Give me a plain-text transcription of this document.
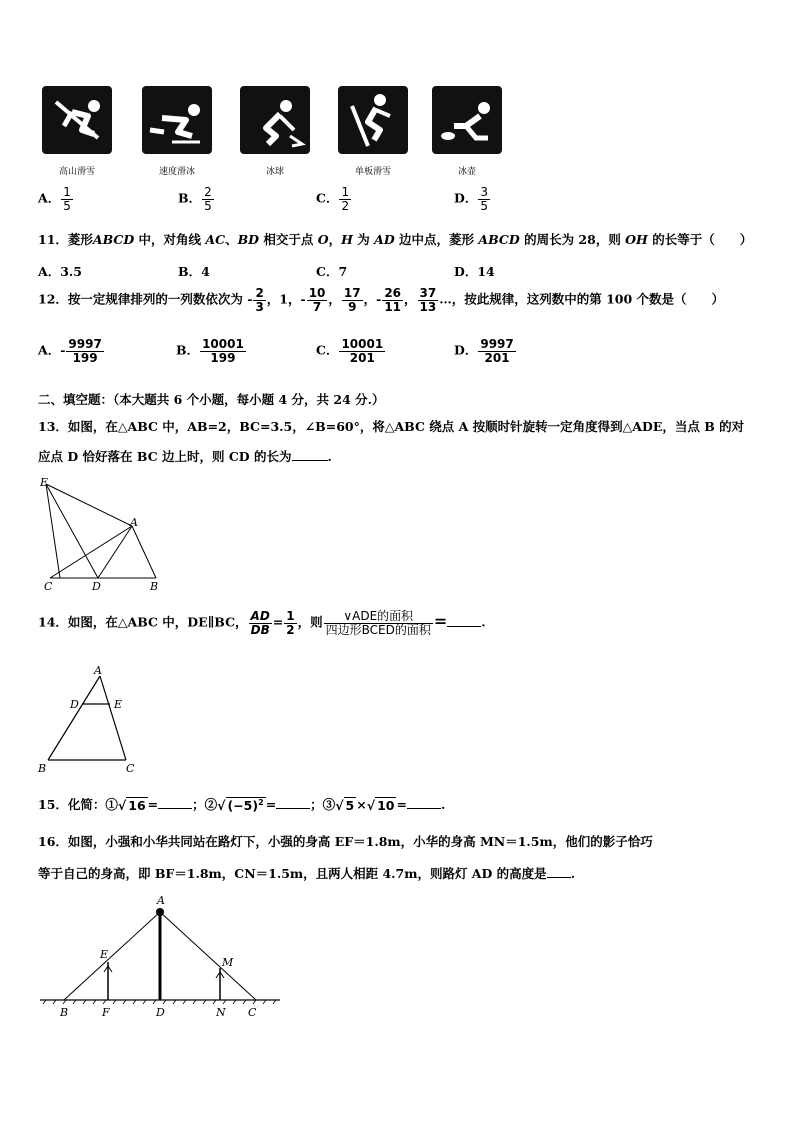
高山滑雪	速度滑冰	冰球	单板滑雪	冰壶
A． $\frac{1}{5}$	B． $\frac{2}{5}$	C． $\frac{1}{2}$	D． $\frac{3}{5}$
11．菱形ABCD 中，对角线 AC、BD 相交于点 O，H 为 AD 边中点，菱形 ABCD 的周长为 28，则 OH 的长等于（　　）
A．3.5	B．4	C．7	D．14
12．按一定规律排列的一列数依次为 - $\frac{2}{3}$ ，1，- $\frac{10}{7}$ ， $\frac{17}{9}$ ，- $\frac{26}{11}$ ， $\frac{37}{13}$ …，按此规律，这列数中的第 100 个数是（　　）
A．- $\frac{9997}{199}$	B． $\frac{10001}{199}$	C． $\frac{10001}{201}$	D． $\frac{9997}{201}$
二、填空题：（本大题共 6 个小题，每小题 4 分，共 24 分.）
13．如图，在△ABC 中，AB=2，BC=3.5，∠B=60°，将△ABC 绕点 A 按顺时针旋转一定角度得到△ADE，当点 B 的对
应点 D 恰好落在 BC 边上时，则 CD 的长为	.
E
A
C	D	B
14．如图，在△ABC 中，DE∥BC， $\frac{AD}{DB} = \frac{1}{2}$ ，则 $\frac{\text{∨ADE的面积}}{\text{四边形BCED的面积}}$ =	.
A
D	E
B	C
15．化简：①√ 16 =	；②√ $(-5)^2$ =	；③√ 5 ×√ 10 =	.
16．如图，小强和小华共同站在路灯下，小强的身高 EF＝1.8m，小华的身高 MN＝1.5m，他们的影子恰巧
等于自己的身高，即 BF＝1.8m，CN＝1.5m，且两人相距 4.7m，则路灯 AD 的高度是 .
A
E
M
B	F	D	N C
